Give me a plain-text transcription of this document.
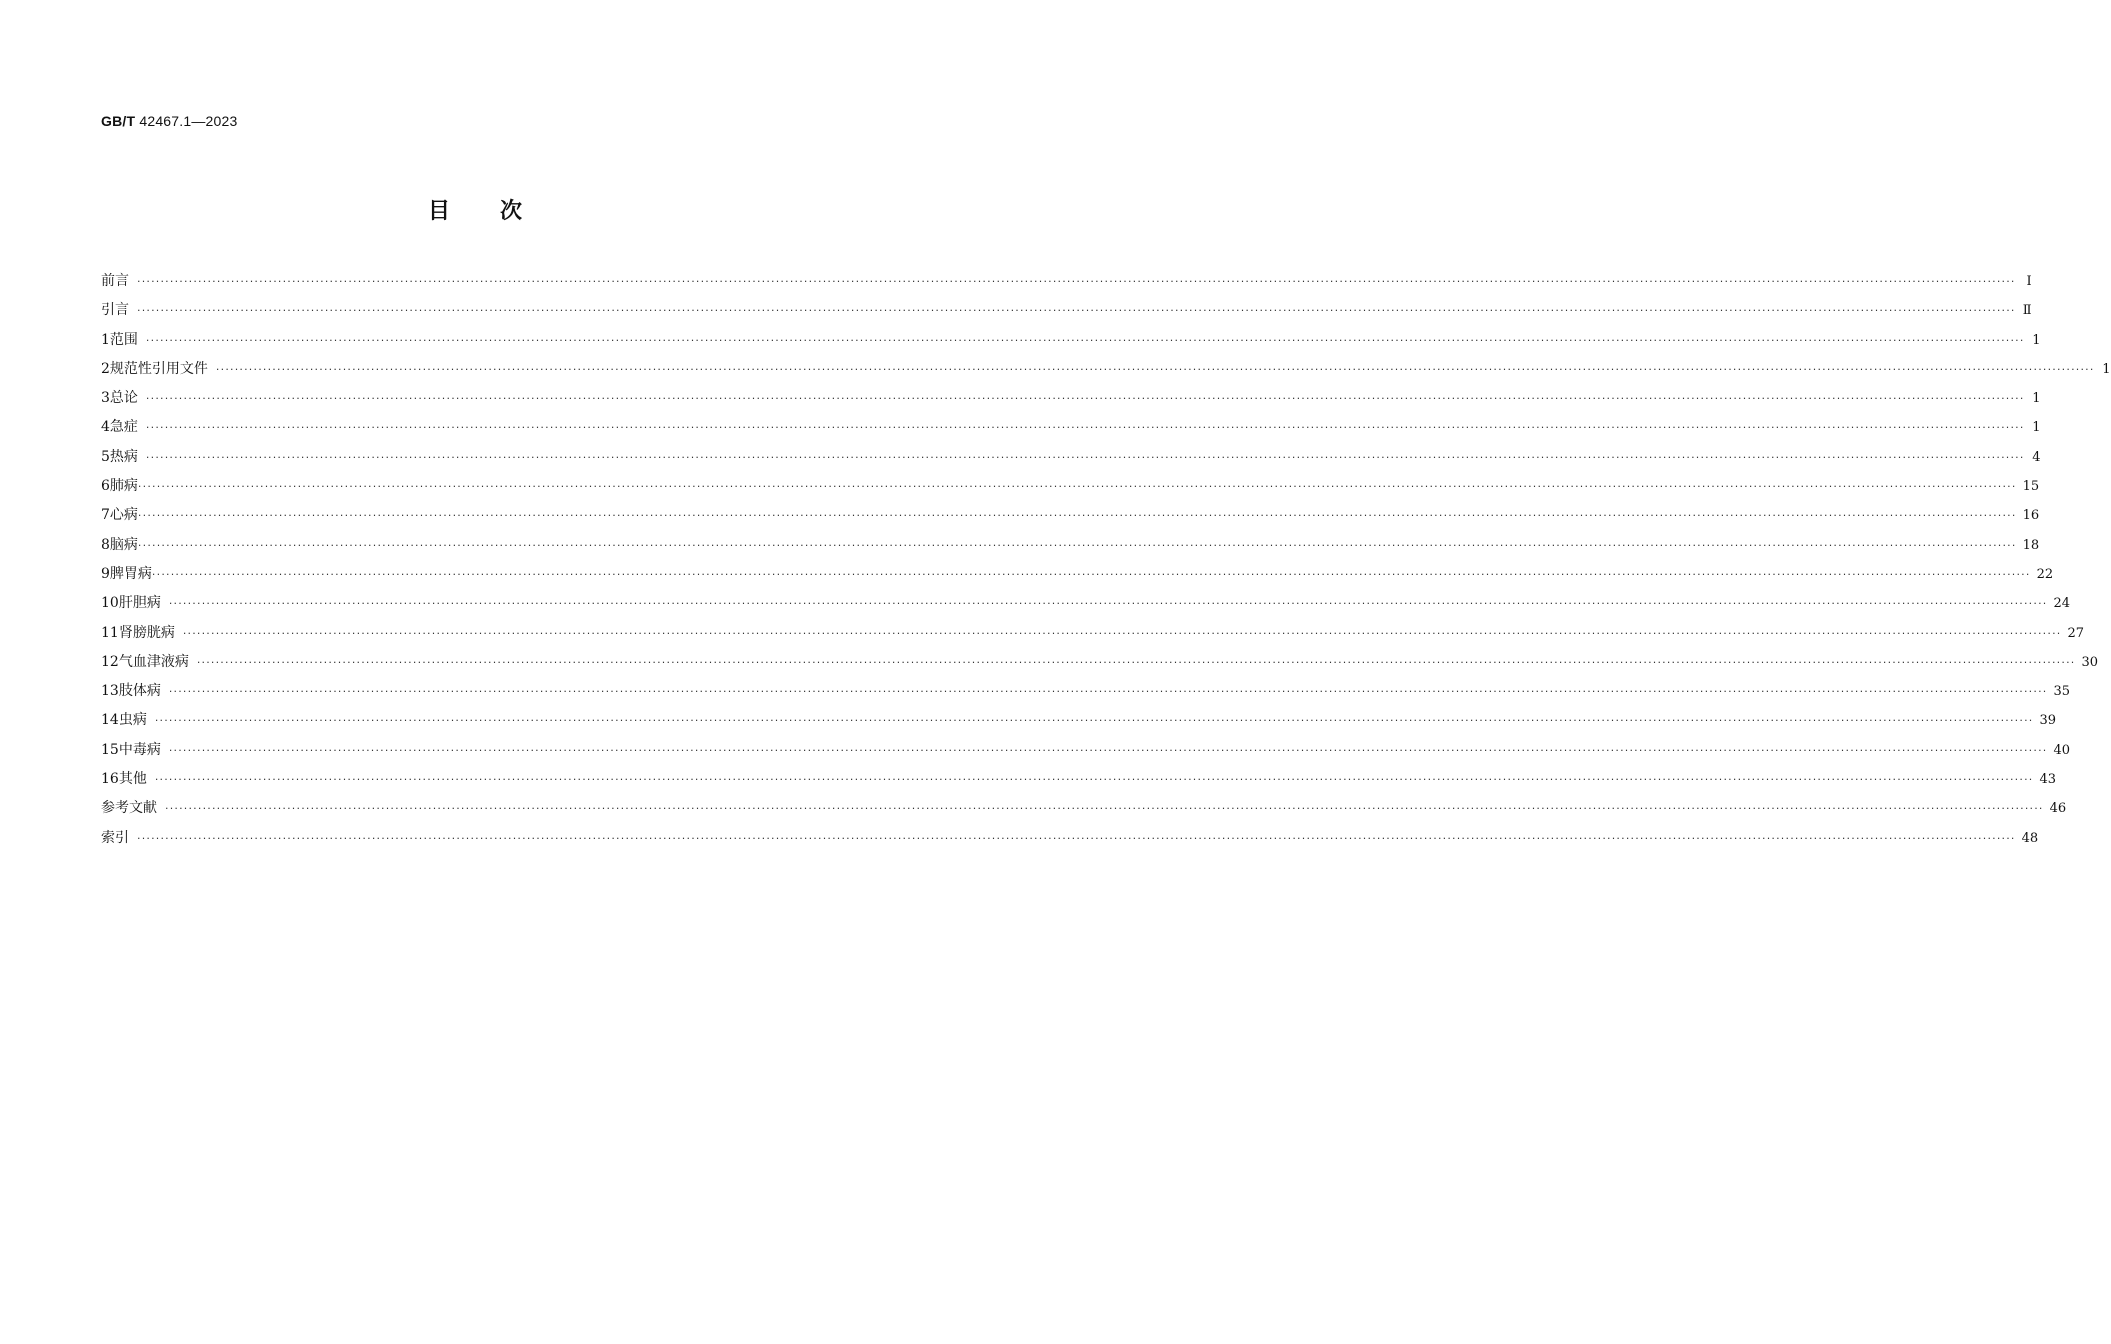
GB/T 42467.1—2023
目次
前言 ················································································································································································································································································································································································································ Ⅰ
引言 ················································································································································································································································································································································································································ Ⅱ
1 范围 ················································································································································································································································································································································································································ 1
2 规范性引用文件 ················································································································································································································································································································································································································ 1
3 总论 ················································································································································································································································································································································································································ 1
4 急症 ················································································································································································································································································································································································································ 1
5 热病 ················································································································································································································································································································································································································ 4
6 肺病 ················································································································································································································································································································································································································ 15
7 心病 ················································································································································································································································································································································································································ 16
8 脑病 ················································································································································································································································································································································································································ 18
9 脾胃病 ················································································································································································································································································································································································································ 22
10 肝胆病 ················································································································································································································································································································································································································ 24
11 肾膀胱病 ················································································································································································································································································································································································································ 27
12 气血津液病 ················································································································································································································································································································································································································ 30
13 肢体病 ················································································································································································································································································································································································································ 35
14 虫病 ················································································································································································································································································································································································································ 39
15 中毒病 ················································································································································································································································································································································································································ 40
16 其他 ················································································································································································································································································································································································································ 43
参考文献 ················································································································································································································································································································································································································ 46
索引 ················································································································································································································································································································································································································ 48
